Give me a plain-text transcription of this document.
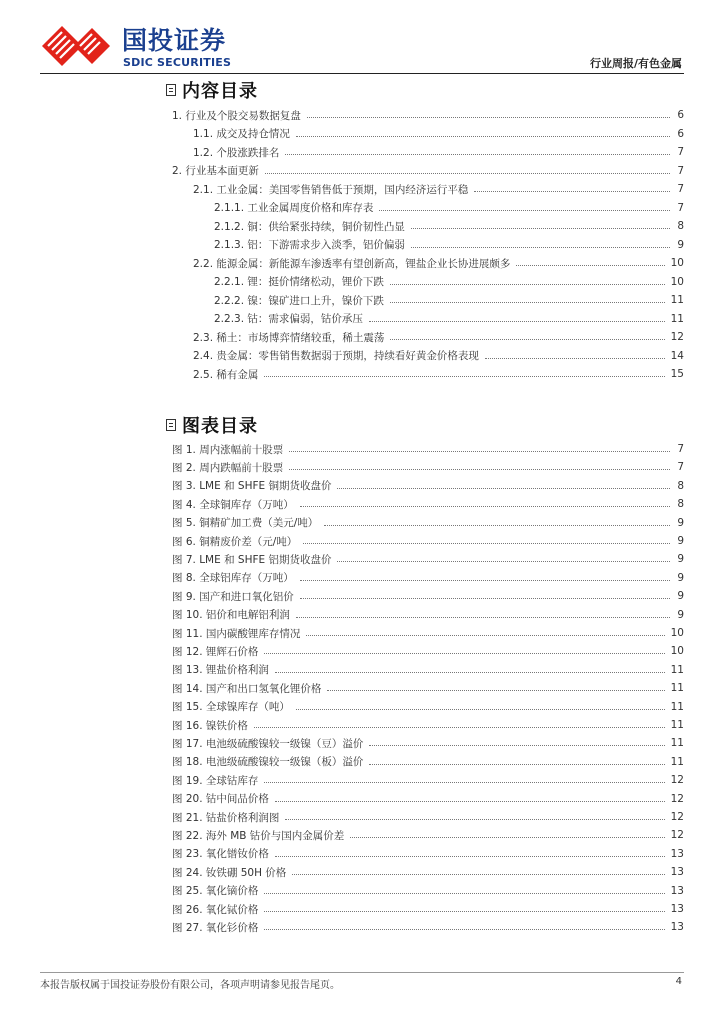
国投证券
SDIC SECURITIES	行业周报/有色金属
内容目录
1. 行业及个股交易数据复盘	6
1.1. 成交及持仓情况	6
1.2. 个股涨跌排名	7
2. 行业基本面更新	7
2.1. 工业金属：美国零售销售低于预期，国内经济运行平稳	7
2.1.1. 工业金属周度价格和库存表	7
2.1.2. 铜：供给紧张持续，铜价韧性凸显	8
2.1.3. 铝：下游需求步入淡季，铝价偏弱	9
2.2. 能源金属：新能源车渗透率有望创新高，锂盐企业长协进展颇多	10
2.2.1. 锂：挺价情绪松动，锂价下跌	10
2.2.2. 镍：镍矿进口上升，镍价下跌	11
2.2.3. 钴：需求偏弱，钴价承压	11
2.3. 稀土：市场博弈情绪较重，稀土震荡	12
2.4. 贵金属：零售销售数据弱于预期，持续看好黄金价格表现	14
2.5. 稀有金属	15
图表目录
图 1. 周内涨幅前十股票	7
图 2. 周内跌幅前十股票	7
图 3. LME 和 SHFE 铜期货收盘价	8
图 4. 全球铜库存（万吨）	8
图 5. 铜精矿加工费（美元/吨）	9
图 6. 铜精废价差（元/吨）	9
图 7. LME 和 SHFE 铝期货收盘价	9
图 8. 全球铝库存（万吨）	9
图 9. 国产和进口氧化铝价	9
图 10. 铝价和电解铝利润	9
图 11. 国内碳酸锂库存情况	10
图 12. 锂辉石价格	10
图 13. 锂盐价格利润	11
图 14. 国产和出口氢氧化锂价格	11
图 15. 全球镍库存（吨）	11
图 16. 镍铁价格	11
图 17. 电池级硫酸镍较一级镍（豆）溢价	11
图 18. 电池级硫酸镍较一级镍（板）溢价	11
图 19. 全球钴库存	12
图 20. 钴中间品价格	12
图 21. 钴盐价格利润图	12
图 22. 海外 MB 钴价与国内金属价差	12
图 23. 氧化镨钕价格	13
图 24. 钕铁硼 50H 价格	13
图 25. 氧化镝价格	13
图 26. 氧化铽价格	13
图 27. 氧化钐价格	13
本报告版权属于国投证券股份有限公司，各项声明请参见报告尾页。	4
